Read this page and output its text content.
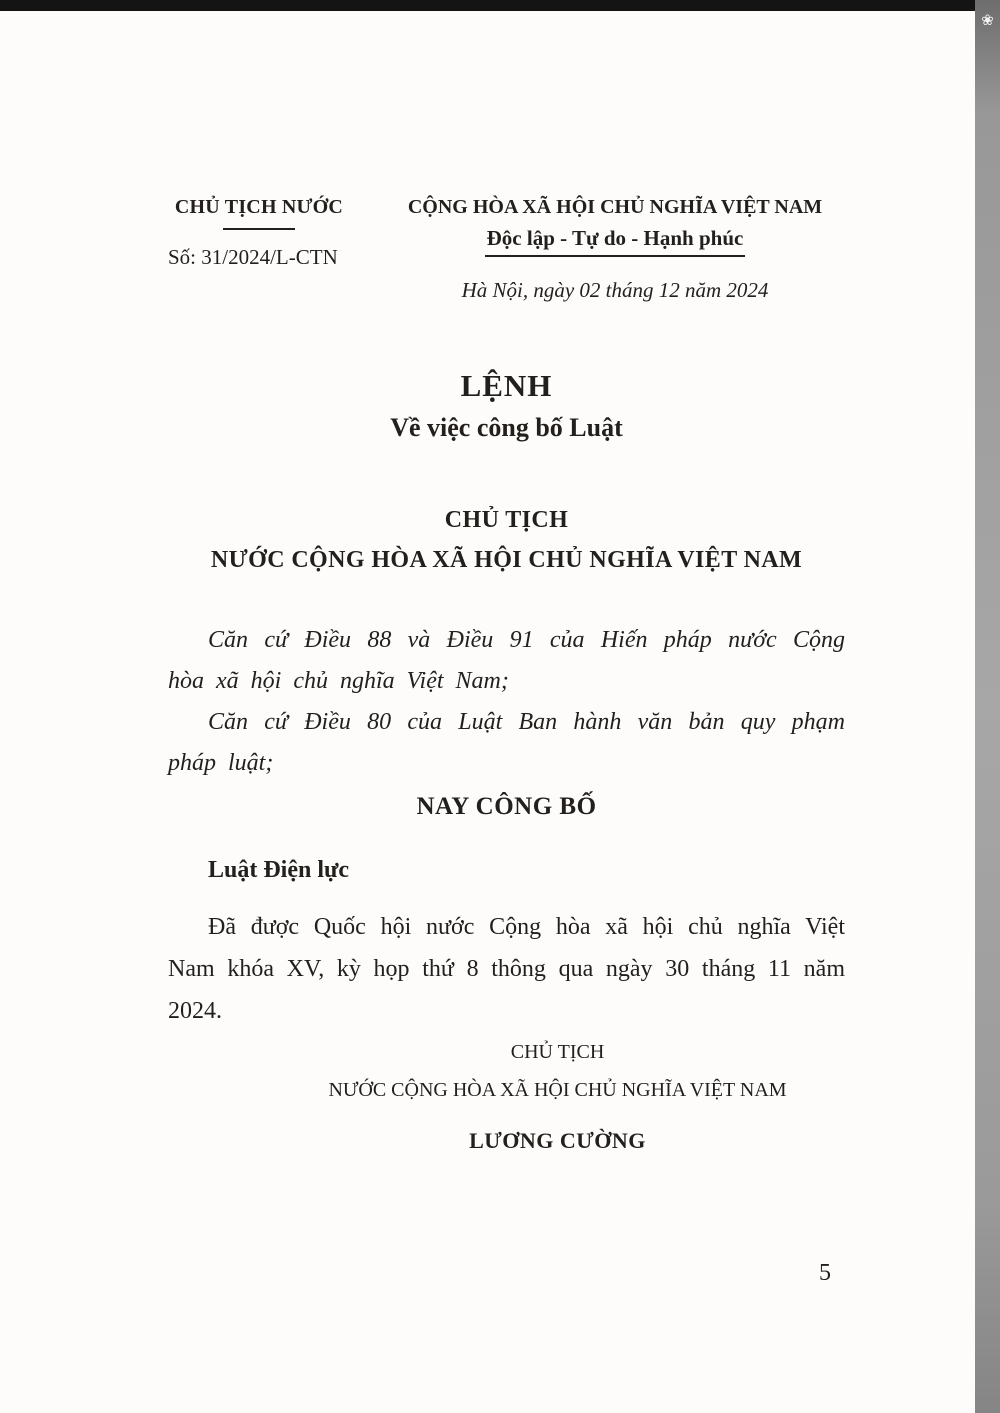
❀
CHỦ TỊCH NƯỚC
Số: 31/2024/L-CTN
CỘNG HÒA XÃ HỘI CHỦ NGHĨA VIỆT NAM
Độc lập - Tự do - Hạnh phúc
Hà Nội, ngày 02 tháng 12 năm 2024
LỆNH
Về việc công bố Luật
CHỦ TỊCH
NƯỚC CỘNG HÒA XÃ HỘI CHỦ NGHĨA VIỆT NAM

Căn cứ Điều 88 và Điều 91 của Hiến pháp nước Cộng hòa xã hội chủ nghĩa Việt Nam;

Căn cứ Điều 80 của Luật Ban hành văn bản quy phạm pháp luật;

NAY CÔNG BỐ
Luật Điện lực

Đã được Quốc hội nước Cộng hòa xã hội chủ nghĩa Việt Nam khóa XV, kỳ họp thứ 8 thông qua ngày 30 tháng 11 năm 2024.

CHỦ TỊCH
NƯỚC CỘNG HÒA XÃ HỘI CHỦ NGHĨA VIỆT NAM
LƯƠNG CƯỜNG
5
